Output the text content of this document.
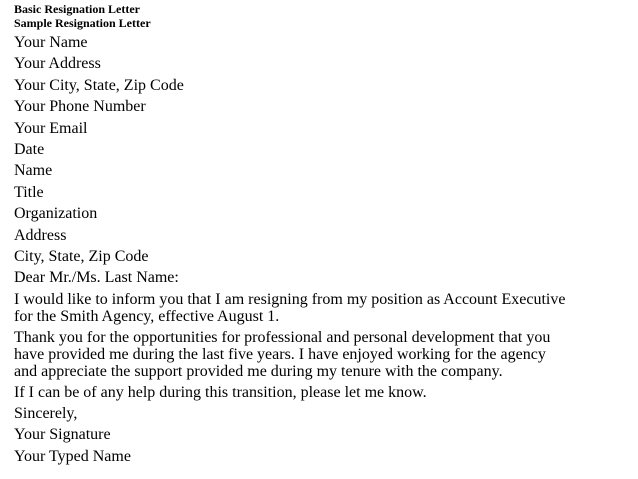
Basic Resignation Letter
Sample Resignation Letter
Your Name
Your Address
Your City, State, Zip Code
Your Phone Number
Your Email
Date
Name
Title
Organization
Address
City, State, Zip Code
Dear Mr./Ms. Last Name:
I would like to inform you that I am resigning from my position as Account Executive
for the Smith Agency, effective August 1.
Thank you for the opportunities for professional and personal development that you
have provided me during the last five years. I have enjoyed working for the agency
and appreciate the support provided me during my tenure with the company.
If I can be of any help during this transition, please let me know.
Sincerely,
Your Signature
Your Typed Name
